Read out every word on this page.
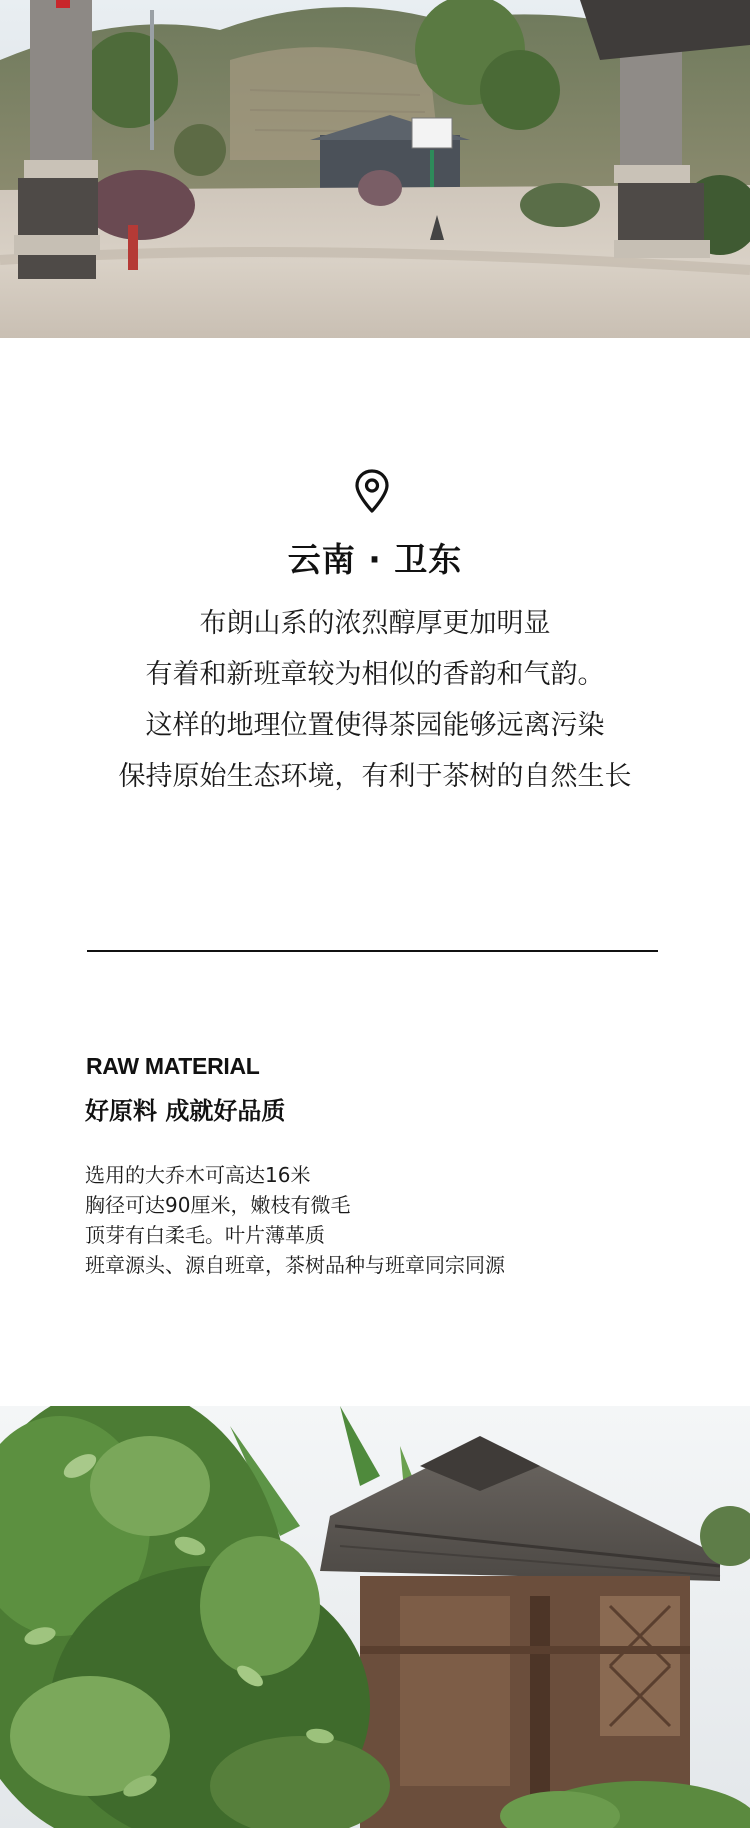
云南 · 卫东
布朗山系的浓烈醇厚更加明显
有着和新班章较为相似的香韵和气韵。
这样的地理位置使得茶园能够远离污染
保持原始生态环境，有利于茶树的自然生长
RAW MATERIAL
好原料 成就好品质
选用的大乔木可高达16米
胸径可达90厘米，嫩枝有微毛
顶芽有白柔毛。叶片薄革质
班章源头、源自班章，茶树品种与班章同宗同源
